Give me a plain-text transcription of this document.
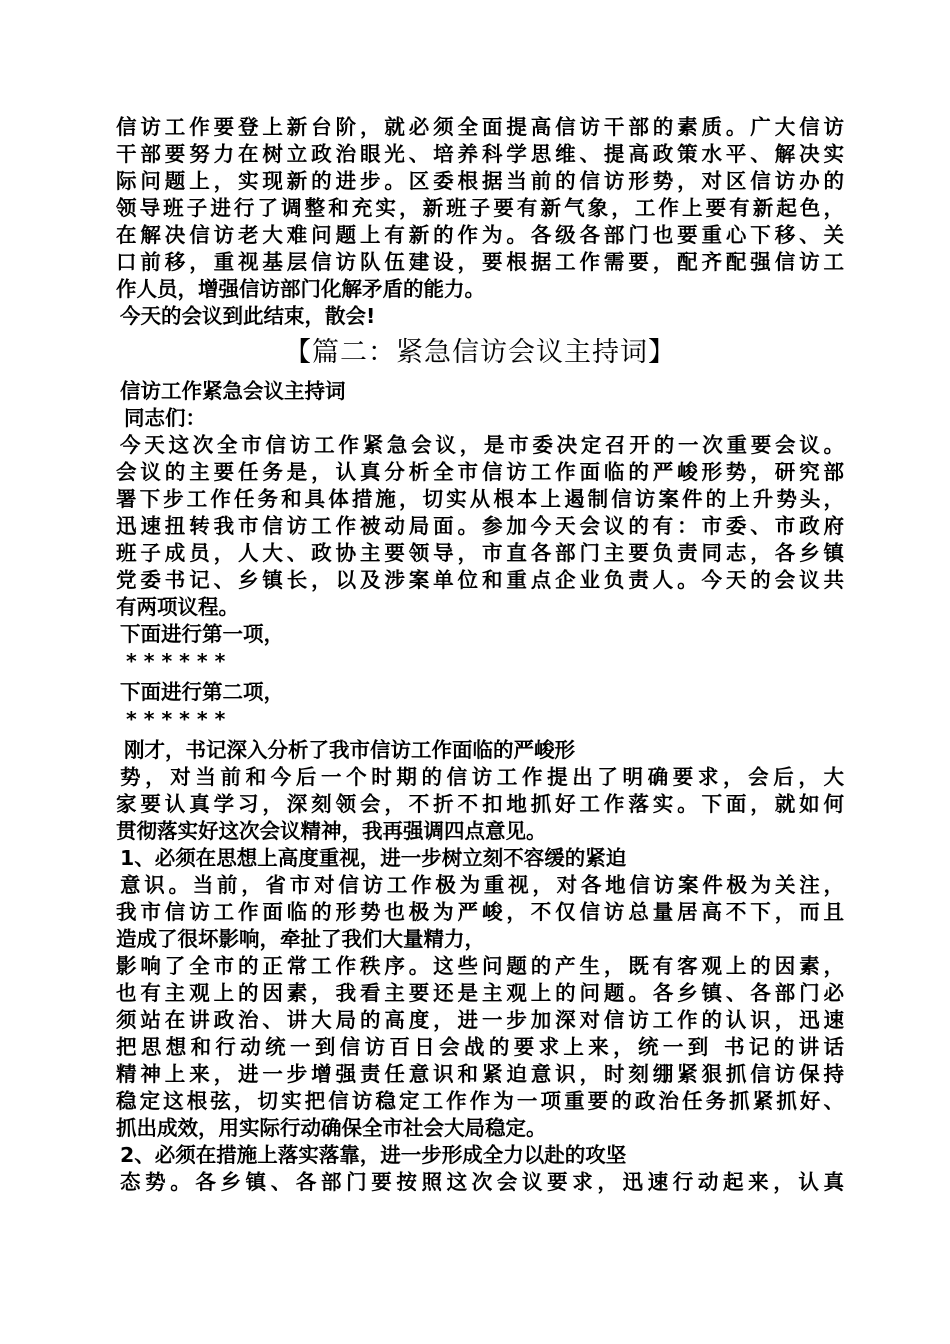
信访工作要登上新台阶，就必须全面提高信访干部的素质。广大信访
干部要努力在树立政治眼光、培养科学思维、提高政策水平、解决实
际问题上，实现新的进步。区委根据当前的信访形势，对区信访办的
领导班子进行了调整和充实，新班子要有新气象，工作上要有新起色，
在解决信访老大难问题上有新的作为。各级各部门也要重心下移、关
口前移，重视基层信访队伍建设，要根据工作需要，配齐配强信访工
作人员，增强信访部门化解矛盾的能力。
今天的会议到此结束，散会!
【篇二：紧急信访会议主持词】
信访工作紧急会议主持词
同志们：
今天这次全市信访工作紧急会议，是市委决定召开的一次重要会议。
会议的主要任务是，认真分析全市信访工作面临的严峻形势，研究部
署下步工作任务和具体措施，切实从根本上遏制信访案件的上升势头，
迅速扭转我市信访工作被动局面。参加今天会议的有：市委、市政府
班子成员，人大、政协主要领导，市直各部门主要负责同志，各乡镇
党委书记、乡镇长，以及涉案单位和重点企业负责人。今天的会议共
有两项议程。
下面进行第一项，
******
下面进行第二项，
******
刚才，书记深入分析了我市信访工作面临的严峻形
势，对当前和今后一个时期的信访工作提出了明确要求，会后，大
家要认真学习，深刻领会，不折不扣地抓好工作落实。下面，就如何
贯彻落实好这次会议精神，我再强调四点意见。
1、必须在思想上高度重视，进一步树立刻不容缓的紧迫
意识。当前，省市对信访工作极为重视，对各地信访案件极为关注，
我市信访工作面临的形势也极为严峻，不仅信访总量居高不下，而且
造成了很坏影响，牵扯了我们大量精力，
影响了全市的正常工作秩序。这些问题的产生，既有客观上的因素，
也有主观上的因素，我看主要还是主观上的问题。各乡镇、各部门必
须站在讲政治、讲大局的高度，进一步加深对信访工作的认识，迅速
把思想和行动统一到信访百日会战的要求上来，统一到 书记的讲话
精神上来，进一步增强责任意识和紧迫意识，时刻绷紧狠抓信访保持
稳定这根弦，切实把信访稳定工作作为一项重要的政治任务抓紧抓好、
抓出成效，用实际行动确保全市社会大局稳定。
2、必须在措施上落实落靠，进一步形成全力以赴的攻坚
态势。各乡镇、各部门要按照这次会议要求，迅速行动起来，认真
